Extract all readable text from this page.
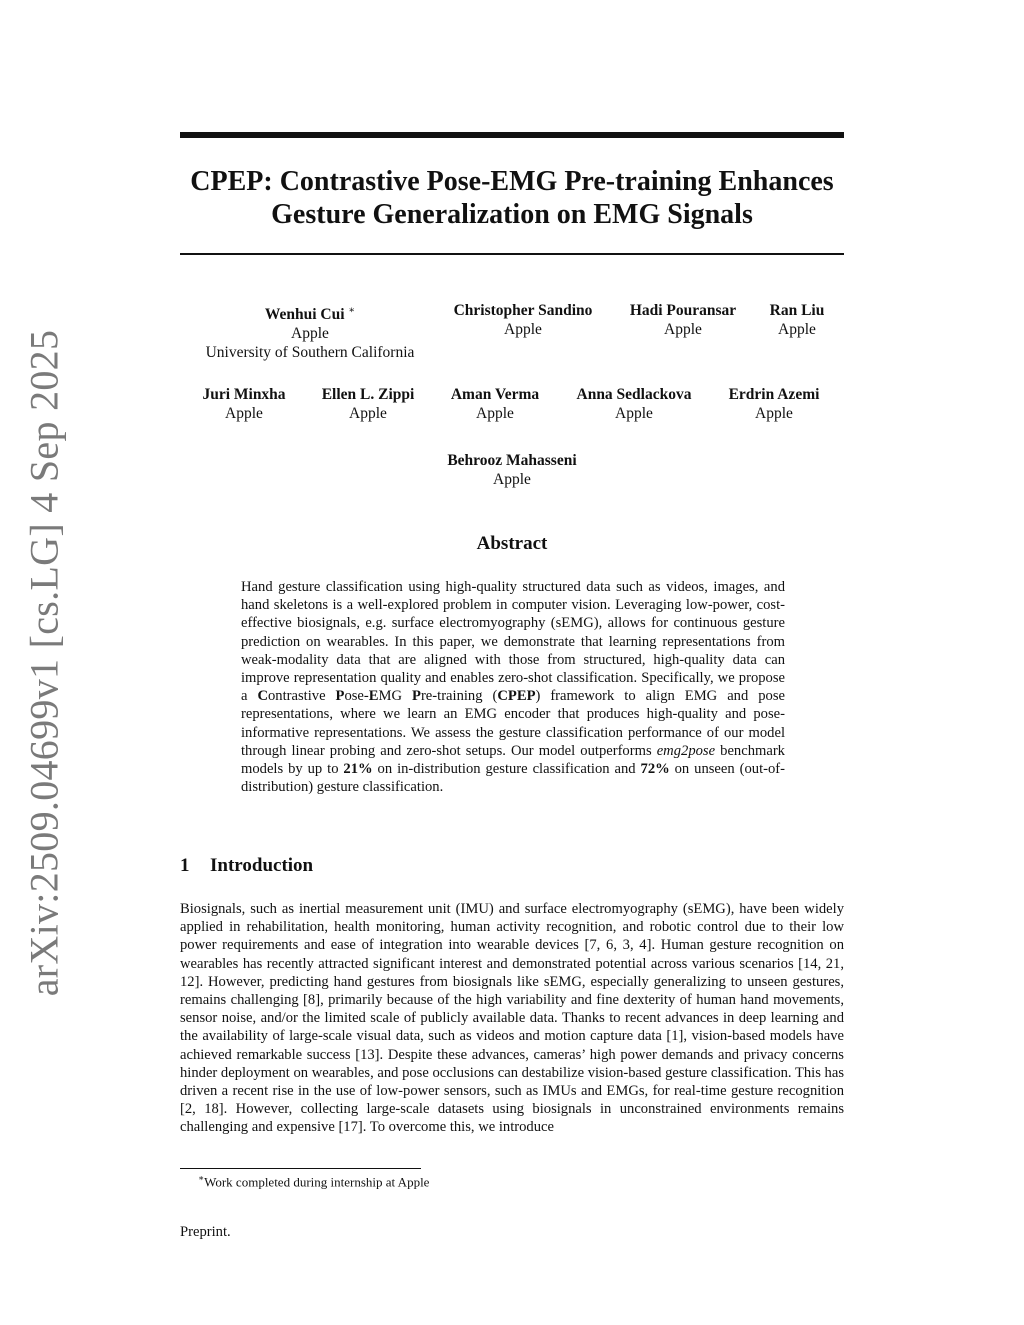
arXiv:2509.04699v1 [cs.LG] 4 Sep 2025
CPEP: Contrastive Pose-EMG Pre-training Enhances
Gesture Generalization on EMG Signals
Wenhui Cui ∗
Apple
University of Southern California
Christopher Sandino
Apple
Hadi Pouransar
Apple
Ran Liu
Apple
Juri Minxha
Apple
Ellen L. Zippi
Apple
Aman Verma
Apple
Anna Sedlackova
Apple
Erdrin Azemi
Apple
Behrooz Mahasseni
Apple
Abstract
Hand gesture classification using high-quality structured data such as videos, images, and hand skeletons is a well-explored problem in computer vision. Leveraging low-power, cost-effective biosignals, e.g. surface electromyography (sEMG), allows for continuous gesture prediction on wearables. In this paper, we demonstrate that learning representations from weak-modality data that are aligned with those from structured, high-quality data can improve representation quality and enables zero-shot classification. Specifically, we propose a Contrastive Pose-EMG Pre-training (CPEP) framework to align EMG and pose representations, where we learn an EMG encoder that produces high-quality and pose-informative representations. We assess the gesture classification performance of our model through linear probing and zero-shot setups. Our model outperforms emg2pose benchmark models by up to 21% on in-distribution gesture classification and 72% on unseen (out-of-distribution) gesture classification.
1 Introduction
Biosignals, such as inertial measurement unit (IMU) and surface electromyography (sEMG), have been widely applied in rehabilitation, health monitoring, human activity recognition, and robotic control due to their low power requirements and ease of integration into wearable devices [7, 6, 3, 4]. Human gesture recognition on wearables has recently attracted significant interest and demonstrated potential across various scenarios [14, 21, 12]. However, predicting hand gestures from biosignals like sEMG, especially generalizing to unseen gestures, remains challenging [8], primarily because of the high variability and fine dexterity of human hand movements, sensor noise, and/or the limited scale of publicly available data. Thanks to recent advances in deep learning and the availability of large-scale visual data, such as videos and motion capture data [1], vision-based models have achieved remarkable success [13]. Despite these advances, cameras’ high power demands and privacy concerns hinder deployment on wearables, and pose occlusions can destabilize vision-based gesture classification. This has driven a recent rise in the use of low-power sensors, such as IMUs and EMGs, for real-time gesture recognition [2, 18]. However, collecting large-scale datasets using biosignals in unconstrained environments remains challenging and expensive [17]. To overcome this, we introduce
∗Work completed during internship at Apple
Preprint.
